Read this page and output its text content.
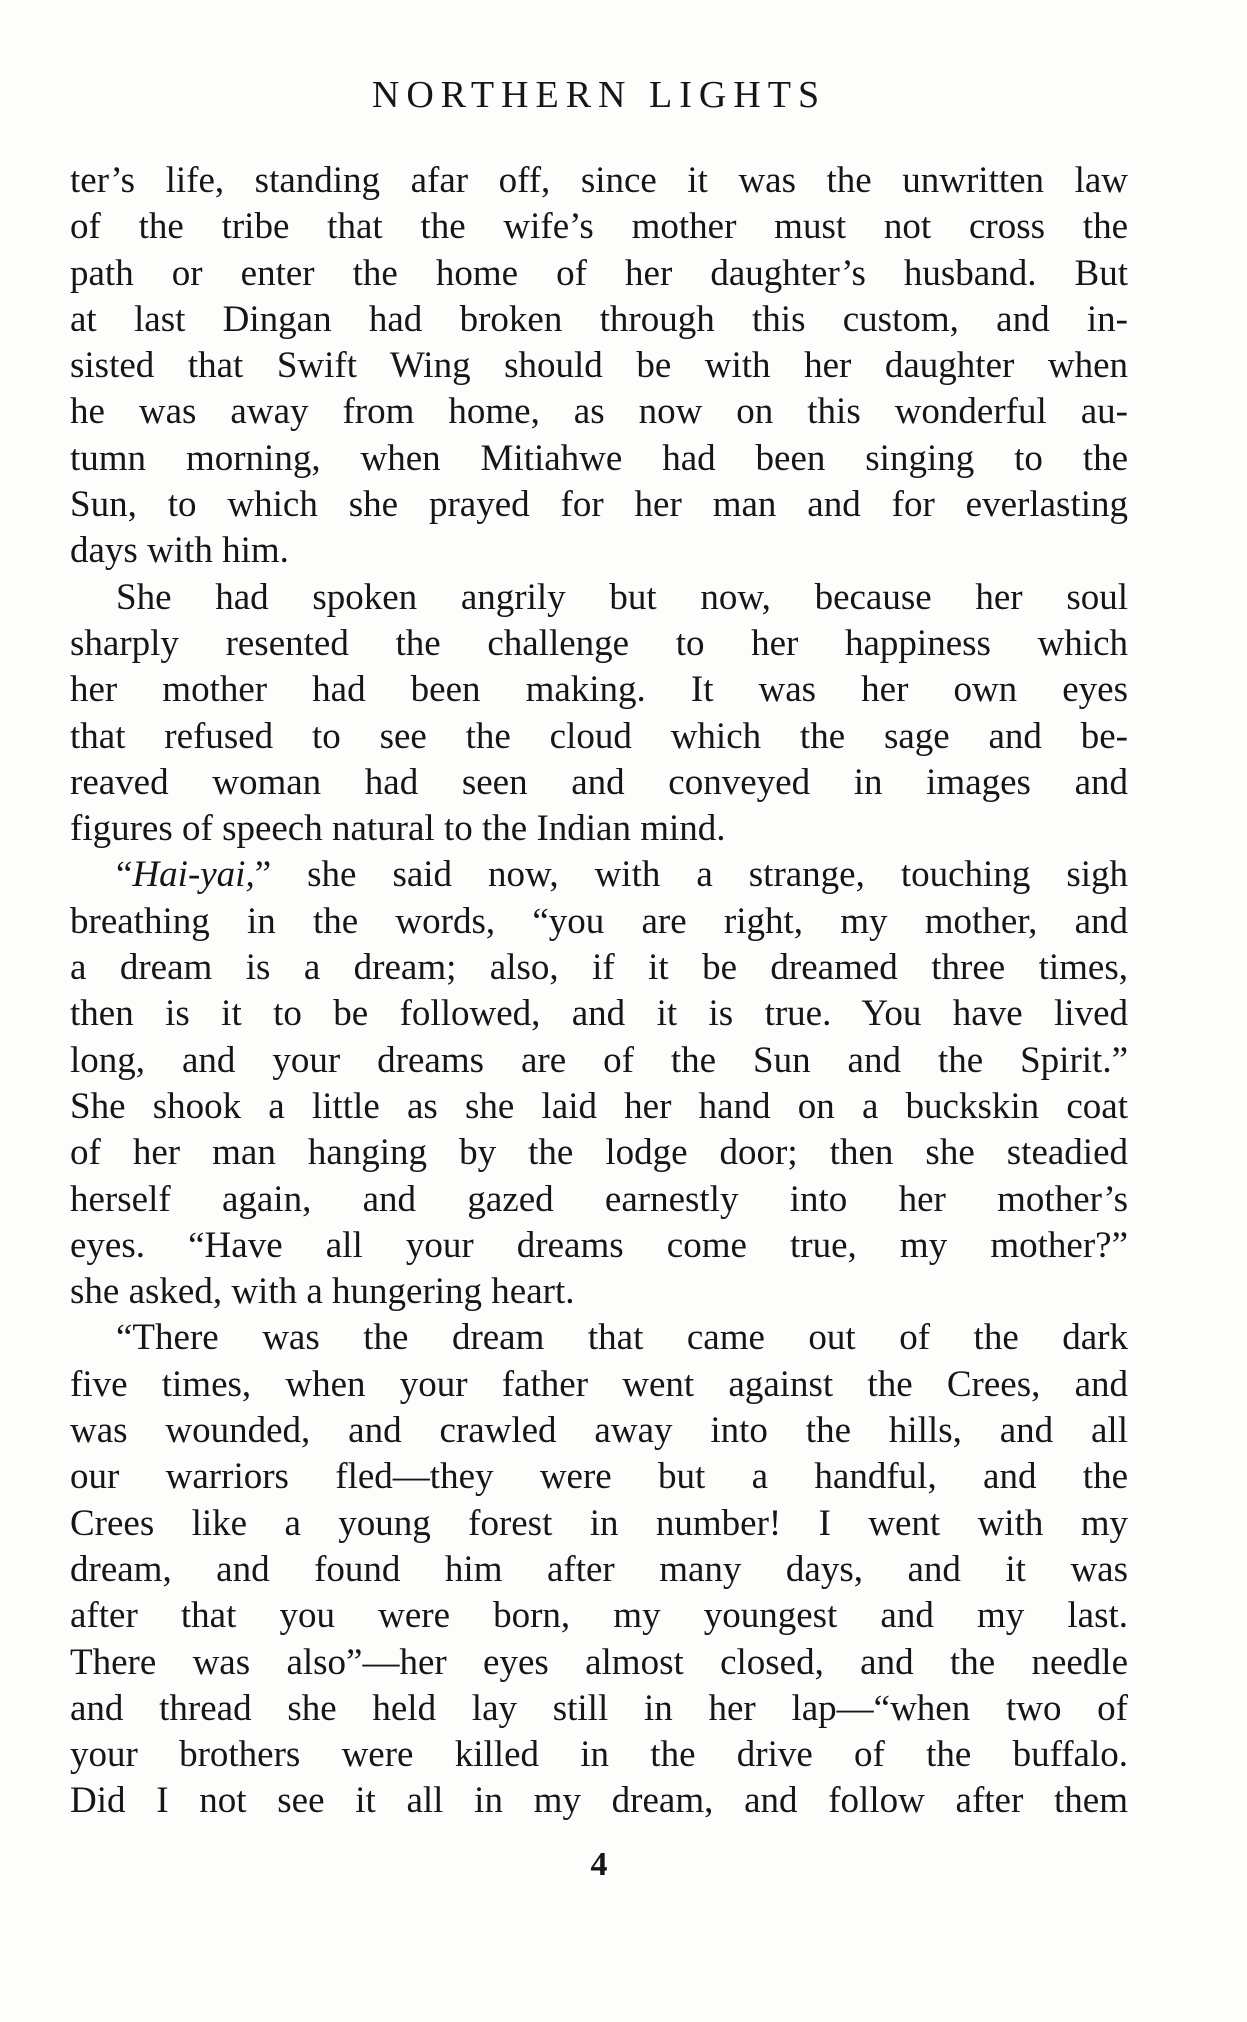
NORTHERN LIGHTS
ter’s life, standing afar off, since it was the unwritten law
of the tribe that the wife’s mother must not cross the
path or enter the home of her daughter’s husband. But
at last Dingan had broken through this custom, and in-
sisted that Swift Wing should be with her daughter when
he was away from home, as now on this wonderful au-
tumn morning, when Mitiahwe had been singing to the
Sun, to which she prayed for her man and for everlasting
days with him.
She had spoken angrily but now, because her soul
sharply resented the challenge to her happiness which
her mother had been making. It was her own eyes
that refused to see the cloud which the sage and be-
reaved woman had seen and conveyed in images and
figures of speech natural to the Indian mind.
“Hai-yai,” she said now, with a strange, touching sigh
breathing in the words, “you are right, my mother, and
a dream is a dream; also, if it be dreamed three times,
then is it to be followed, and it is true. You have lived
long, and your dreams are of the Sun and the Spirit.”
She shook a little as she laid her hand on a buckskin coat
of her man hanging by the lodge door; then she steadied
herself again, and gazed earnestly into her mother’s
eyes. “Have all your dreams come true, my mother?”
she asked, with a hungering heart.
“There was the dream that came out of the dark
five times, when your father went against the Crees, and
was wounded, and crawled away into the hills, and all
our warriors fled—they were but a handful, and the
Crees like a young forest in number! I went with my
dream, and found him after many days, and it was
after that you were born, my youngest and my last.
There was also”—her eyes almost closed, and the needle
and thread she held lay still in her lap—“when two of
your brothers were killed in the drive of the buffalo.
Did I not see it all in my dream, and follow after them
4
